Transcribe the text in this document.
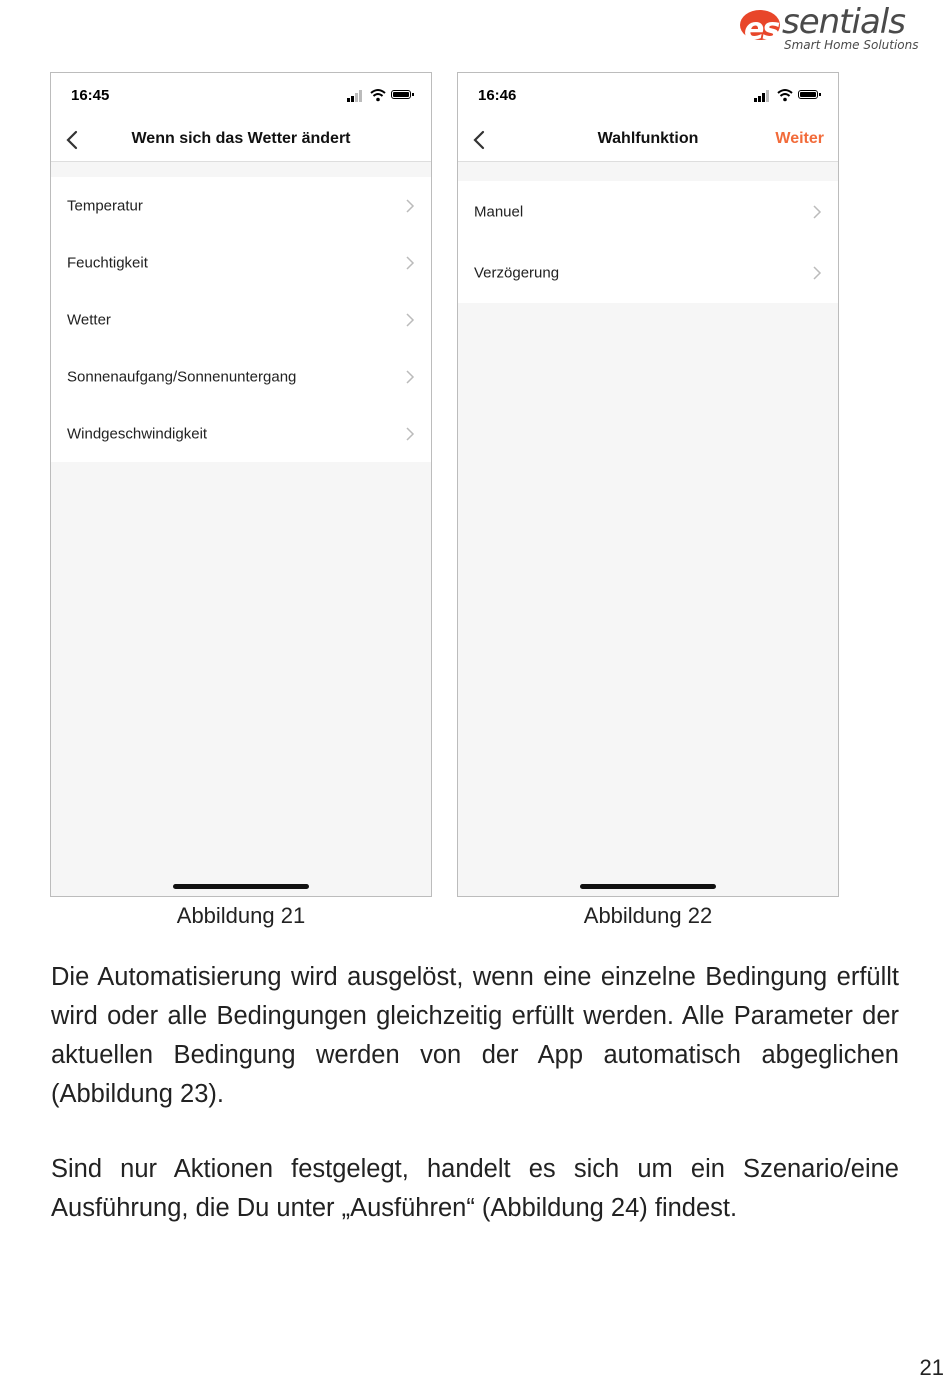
es sentials
Smart Home Solutions
16:45
Wenn sich das Wetter ändert
Temperatur
Feuchtigkeit
Wetter
Sonnenaufgang/Sonnenuntergang
Windgeschwindigkeit
16:46
Wahlfunktion	Weiter
Manuel
Verzögerung
Abbildung 21	Abbildung 22

Die Automatisierung wird ausgelöst, wenn eine einzelne Bedingung erfüllt wird oder alle Bedingungen gleichzeitig erfüllt werden. Alle Parameter der aktuellen Bedingung werden von der App automatisch abgeglichen (Abbildung 23).

Sind nur Aktionen festgelegt, handelt es sich um ein Szenario/eine Ausführung, die Du unter „Ausführen“ (Abbildung 24) findest.

21
